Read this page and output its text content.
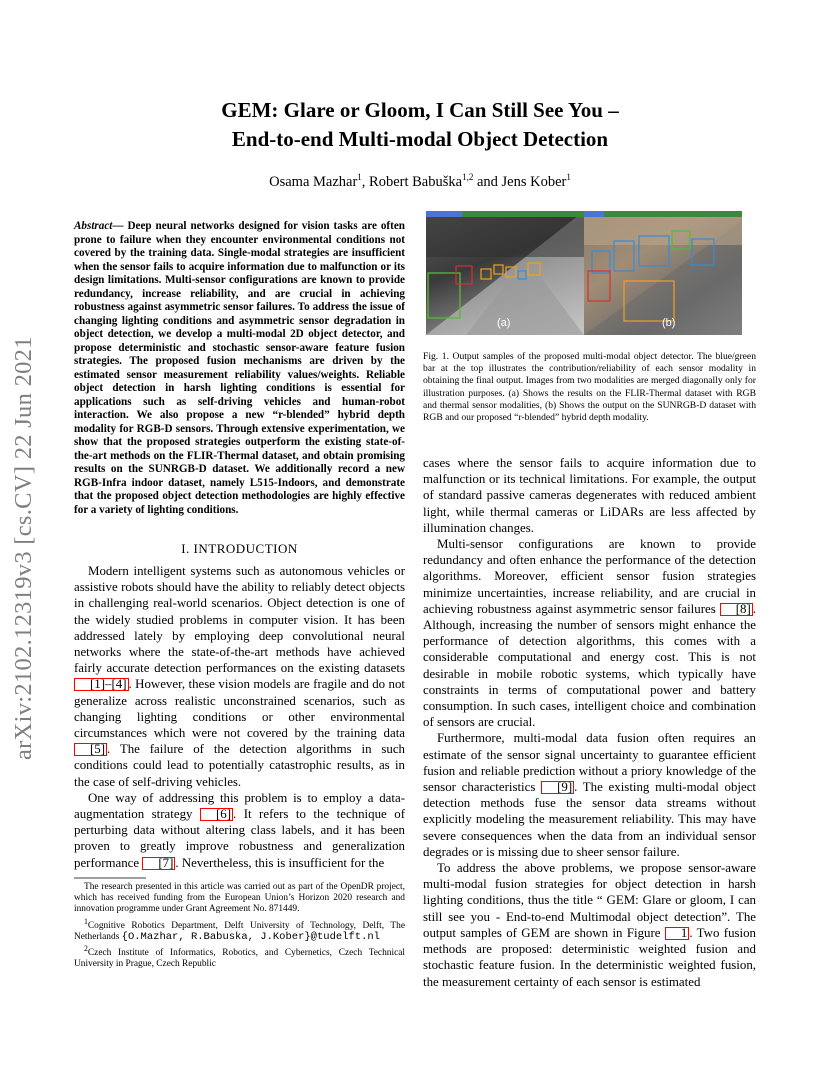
arXiv:2102.12319v3 [cs.CV] 22 Jun 2021
GEM: Glare or Gloom, I Can Still See You –
End-to-end Multi-modal Object Detection
Osama Mazhar$^1$, Robert Babuška$^{1,2}$ and Jens Kober$^1$
Abstract— Deep neural networks designed for vision tasks are often prone to failure when they encounter environmental conditions not covered by the training data. Single-modal strategies are insufficient when the sensor fails to acquire information due to malfunction or its design limitations. Multi-sensor configurations are known to provide redundancy, increase reliability, and are crucial in achieving robustness against asymmetric sensor failures. To address the issue of changing lighting conditions and asymmetric sensor degradation in object detection, we develop a multi-modal 2D object detector, and propose deterministic and stochastic sensor-aware feature fusion strategies. The proposed fusion mechanisms are driven by the estimated sensor measurement reliability values/weights. Reliable object detection in harsh lighting conditions is essential for applications such as self-driving vehicles and human-robot interaction. We also propose a new “r-blended” hybrid depth modality for RGB-D sensors. Through extensive experimentation, we show that the proposed strategies outperform the existing state-of-the-art methods on the FLIR-Thermal dataset, and obtain promising results on the SUNRGB-D dataset. We additionally record a new RGB-Infra indoor dataset, namely L515-Indoors, and demonstrate that the proposed object detection methodologies are highly effective for a variety of lighting conditions.
I. INTRODUCTION

Modern intelligent systems such as autonomous vehicles or assistive robots should have the ability to reliably detect objects in challenging real-world scenarios. Object detection is one of the widely studied problems in computer vision. It has been addressed lately by employing deep convolutional neural networks where the state-of-the-art methods have achieved fairly accurate detection performances on the existing datasets [1]–[4] . However, these vision models are fragile and do not generalize across realistic unconstrained scenarios, such as changing lighting conditions or other environmental circumstances which were not covered by the training data [5] . The failure of the detection algorithms in such conditions could lead to potentially catastrophic results, as in the case of self-driving vehicles.

One way of addressing this problem is to employ a data-augmentation strategy [6] . It refers to the technique of perturbing data without altering class labels, and it has been proven to greatly improve robustness and generalization performance [7] . Nevertheless, this is insufficient for the

The research presented in this article was carried out as part of the OpenDR project, which has received funding from the European Union’s Horizon 2020 research and innovation programme under Grant Agreement No. 871449.

$^1$Cognitive Robotics Department, Delft University of Technology, Delft, The Netherlands {O.Mazhar, R.Babuska, J.Kober}@tudelft.nl

$^2$Czech Institute of Informatics, Robotics, and Cybernetics, Czech Technical University in Prague, Czech Republic

(a)	(b)
Fig. 1. Output samples of the proposed multi-modal object detector. The blue/green bar at the top illustrates the contribution/reliability of each sensor modality in obtaining the final output. Images from two modalities are merged diagonally only for illustration purposes. (a) Shows the results on the FLIR-Thermal dataset with RGB and thermal sensor modalities, (b) Shows the output on the SUNRGB-D dataset with RGB and our proposed “r-blended” hybrid depth modality.

cases where the sensor fails to acquire information due to malfunction or its technical limitations. For example, the output of standard passive cameras degenerates with reduced ambient light, while thermal cameras or LiDARs are less affected by illumination changes.

Multi-sensor configurations are known to provide redundancy and often enhance the performance of the detection algorithms. Moreover, efficient sensor fusion strategies minimize uncertainties, increase reliability, and are crucial in achieving robustness against asymmetric sensor failures [8] . Although, increasing the number of sensors might enhance the performance of detection algorithms, this comes with a considerable computational and energy cost. This is not desirable in mobile robotic systems, which typically have constraints in terms of computational power and battery consumption. In such cases, intelligent choice and combination of sensors are crucial.

Furthermore, multi-modal data fusion often requires an estimate of the sensor signal uncertainty to guarantee efficient fusion and reliable prediction without a priory knowledge of the sensor characteristics [9] . The existing multi-modal object detection methods fuse the sensor data streams without explicitly modeling the measurement reliability. This may have severe consequences when the data from an individual sensor degrades or is missing due to sheer sensor failure.

To address the above problems, we propose sensor-aware multi-modal fusion strategies for object detection in harsh lighting conditions, thus the title “ GEM: Glare or gloom, I can still see you - End-to-end Multimodal object detection”. The output samples of GEM are shown in Figure 1 . Two fusion methods are proposed: deterministic weighted fusion and stochastic feature fusion. In the deterministic weighted fusion, the measurement certainty of each sensor is estimated
